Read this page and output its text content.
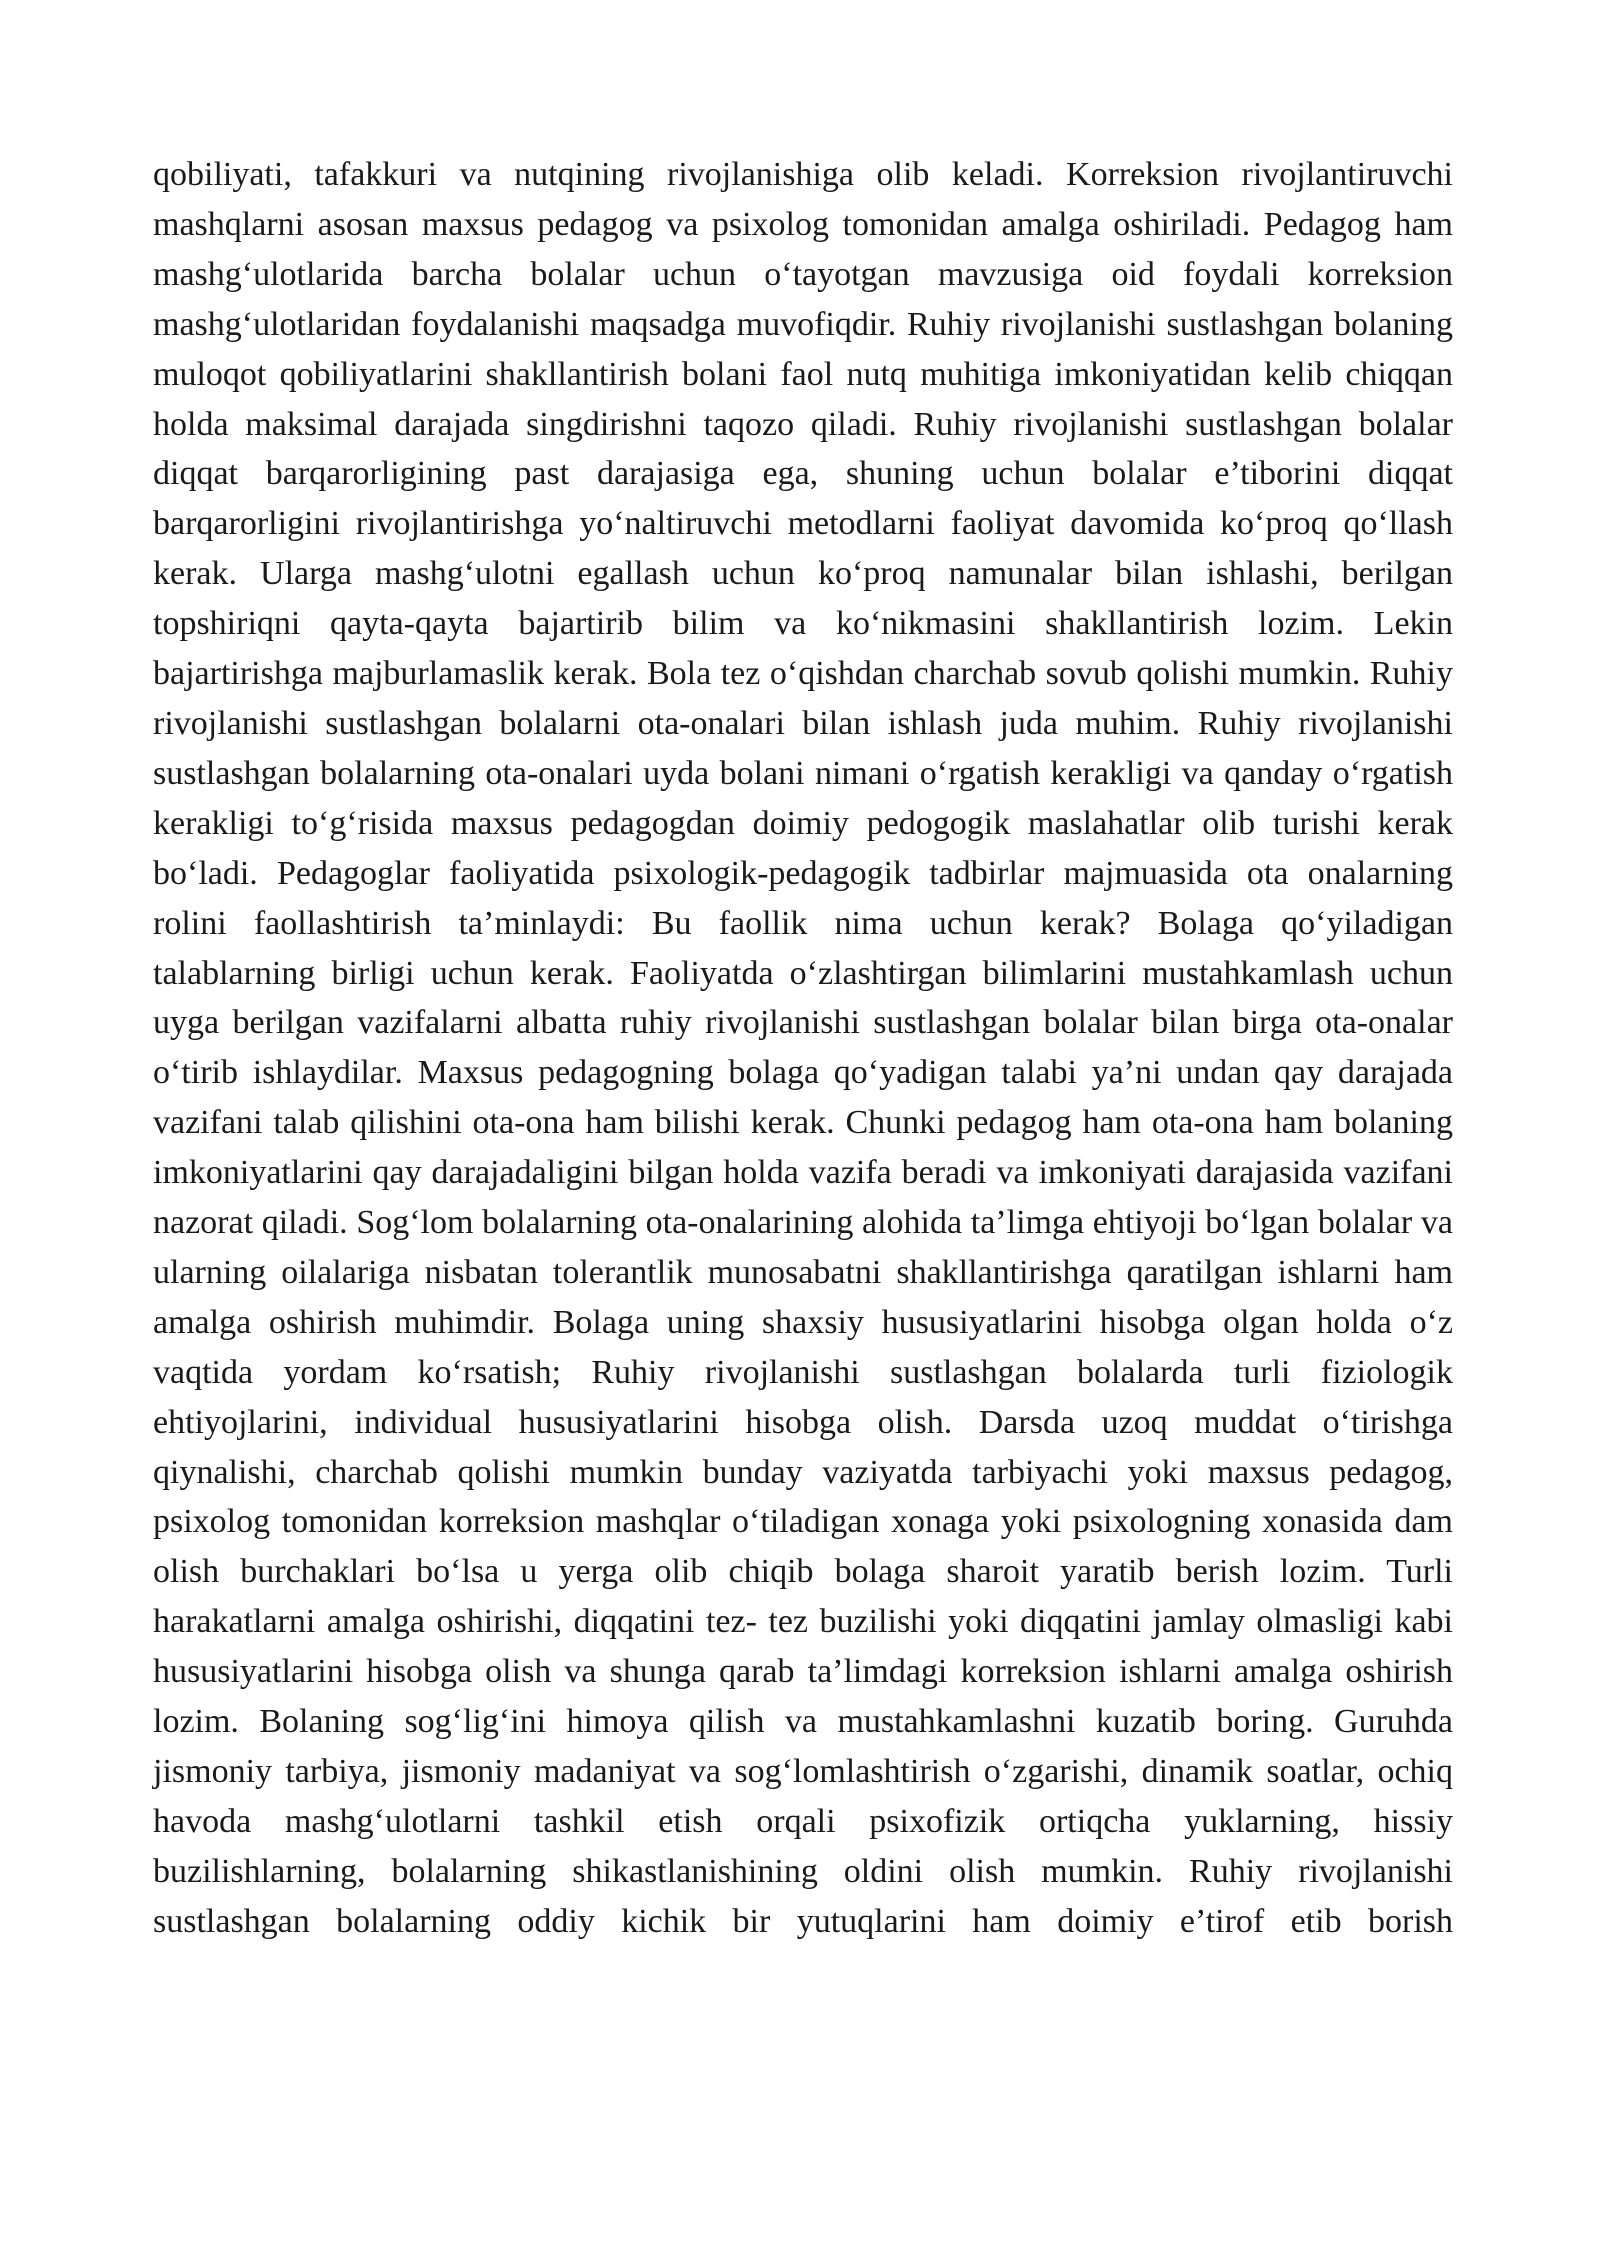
qobiliyati, tafakkuri va nutqining rivojlanishiga olib keladi. Korreksion rivojlantiruvchi mashqlarni asosan maxsus pedagog va psixolog tomonidan amalga oshiriladi. Pedagog ham mashg‘ulotlarida barcha bolalar uchun o‘tayotgan mavzusiga oid foydali korreksion mashg‘ulotlaridan foydalanishi maqsadga muvofiqdir. Ruhiy rivojlanishi sustlashgan bolaning muloqot qobiliyatlarini shakllantirish bolani faol nutq muhitiga imkoniyatidan kelib chiqqan holda maksimal darajada singdirishni taqozo qiladi. Ruhiy rivojlanishi sustlashgan bolalar diqqat barqarorligining past darajasiga ega, shuning uchun bolalar e’tiborini diqqat barqarorligini rivojlantirishga yo‘naltiruvchi metodlarni faoliyat davomida ko‘proq qo‘llash kerak. Ularga mashg‘ulotni egallash uchun ko‘proq namunalar bilan ishlashi, berilgan topshiriqni qayta-qayta bajartirib bilim va ko‘nikmasini shakllantirish lozim. Lekin bajartirishga majburlamaslik kerak. Bola tez o‘qishdan charchab sovub qolishi mumkin. Ruhiy rivojlanishi sustlashgan bolalarni ota-onalari bilan ishlash juda muhim. Ruhiy rivojlanishi sustlashgan bolalarning ota-onalari uyda bolani nimani o‘rgatish kerakligi va qanday o‘rgatish kerakligi to‘g‘risida maxsus pedagogdan doimiy pedogogik maslahatlar olib turishi kerak bo‘ladi. Pedagoglar faoliyatida psixologik-pedagogik tadbirlar majmuasida ota onalarning rolini faollashtirish ta’minlaydi: Bu faollik nima uchun kerak? Bolaga qo‘yiladigan talablarning birligi uchun kerak. Faoliyatda o‘zlashtirgan bilimlarini mustahkamlash uchun uyga berilgan vazifalarni albatta ruhiy rivojlanishi sustlashgan bolalar bilan birga ota-onalar o‘tirib ishlaydilar. Maxsus pedagogning bolaga qo‘yadigan talabi ya’ni undan qay darajada vazifani talab qilishini ota-ona ham bilishi kerak. Chunki pedagog ham ota-ona ham bolaning imkoniyatlarini qay darajadaligini bilgan holda vazifa beradi va imkoniyati darajasida vazifani nazorat qiladi. Sog‘lom bolalarning ota-onalarining alohida ta’limga ehtiyoji bo‘lgan bolalar va ularning oilalariga nisbatan tolerantlik munosabatni shakllantirishga qaratilgan ishlarni ham amalga oshirish muhimdir. Bolaga uning shaxsiy hususiyatlarini hisobga olgan holda o‘z vaqtida yordam ko‘rsatish; Ruhiy rivojlanishi sustlashgan bolalarda turli fiziologik ehtiyojlarini, individual hususiyatlarini hisobga olish. Darsda uzoq muddat o‘tirishga qiynalishi, charchab qolishi mumkin bunday vaziyatda tarbiyachi yoki maxsus pedagog, psixolog tomonidan korreksion mashqlar o‘tiladigan xonaga yoki psixologning xonasida dam olish burchaklari bo‘lsa u yerga olib chiqib bolaga sharoit yaratib berish lozim. Turli harakatlarni amalga oshirishi, diqqatini tez- tez buzilishi yoki diqqatini jamlay olmasligi kabi hususiyatlarini hisobga olish va shunga qarab ta’limdagi korreksion ishlarni amalga oshirish lozim. Bolaning sog‘lig‘ini himoya qilish va mustahkamlashni kuzatib boring. Guruhda jismoniy tarbiya, jismoniy madaniyat va sog‘lomlashtirish o‘zgarishi, dinamik soatlar, ochiq havoda mashg‘ulotlarni tashkil etish orqali psixofizik ortiqcha yuklarning, hissiy buzilishlarning, bolalarning shikastlanishining oldini olish mumkin. Ruhiy rivojlanishi sustlashgan bolalarning oddiy kichik bir yutuqlarini ham doimiy e’tirof etib borish
